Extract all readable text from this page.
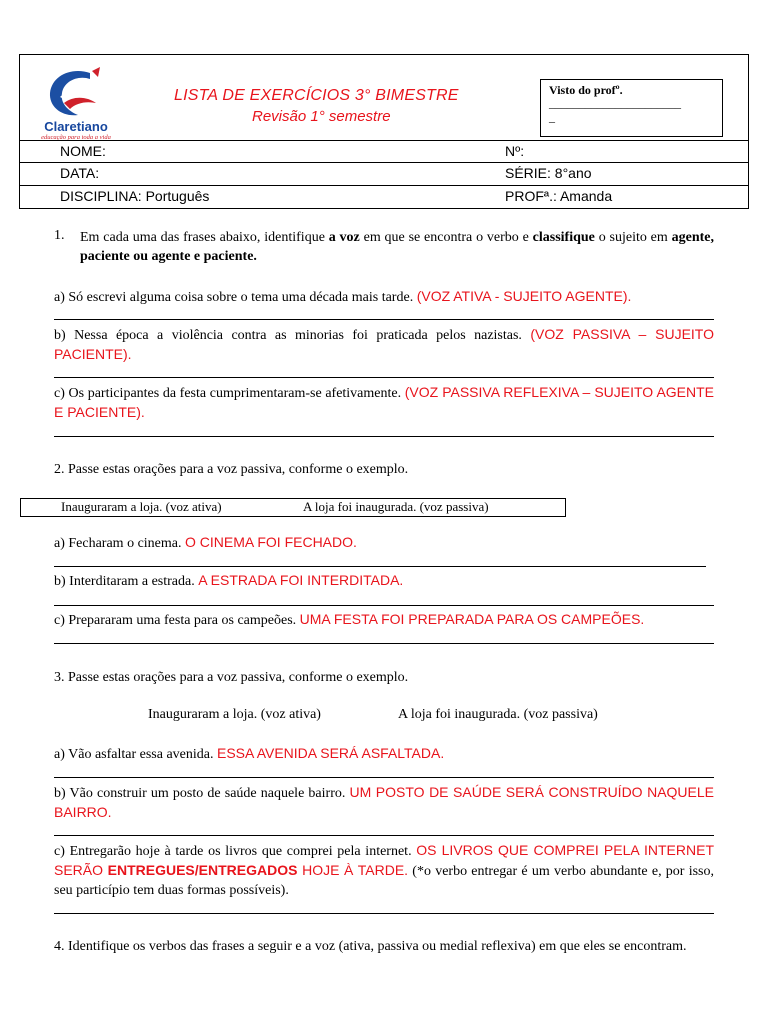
Claretiano
educação para toda a vida
LISTA DE EXERCÍCIOS 3° BIMESTRE
Revisão 1° semestre
Visto do profº.
______________________
_
NOME:	Nº:
DATA:	SÉRIE: 8°ano
DISCIPLINA: Português	PROFª.: Amanda
1. Em cada uma das frases abaixo, identifique a voz em que se encontra o verbo e classifique o sujeito em agente, paciente ou agente e paciente.
a) Só escrevi alguma coisa sobre o tema uma década mais tarde. (VOZ ATIVA - SUJEITO AGENTE).
b) Nessa época a violência contra as minorias foi praticada pelos nazistas. (VOZ PASSIVA – SUJEITO PACIENTE).
c) Os participantes da festa cumprimentaram-se afetivamente. (VOZ PASSIVA REFLEXIVA – SUJEITO AGENTE E PACIENTE).
2. Passe estas orações para a voz passiva, conforme o exemplo.
Inauguraram a loja. (voz ativa)	A loja foi inaugurada. (voz passiva)
a) Fecharam o cinema. O CINEMA FOI FECHADO.
b) Interditaram a estrada. A ESTRADA FOI INTERDITADA.
c) Prepararam uma festa para os campeões. UMA FESTA FOI PREPARADA PARA OS CAMPEÕES.
3. Passe estas orações para a voz passiva, conforme o exemplo.
Inauguraram a loja. (voz ativa)	A loja foi inaugurada. (voz passiva)
a) Vão asfaltar essa avenida. ESSA AVENIDA SERÁ ASFALTADA.
b) Vão construir um posto de saúde naquele bairro. UM POSTO DE SAÚDE SERÁ CONSTRUÍDO NAQUELE BAIRRO.
c) Entregarão hoje à tarde os livros que comprei pela internet. OS LIVROS QUE COMPREI PELA INTERNET SERÃO ENTREGUES/ENTREGADOS HOJE À TARDE. (*o verbo entregar é um verbo abundante e, por isso, seu particípio tem duas formas possíveis).
4. Identifique os verbos das frases a seguir e a voz (ativa, passiva ou medial reflexiva) em que eles se encontram.
